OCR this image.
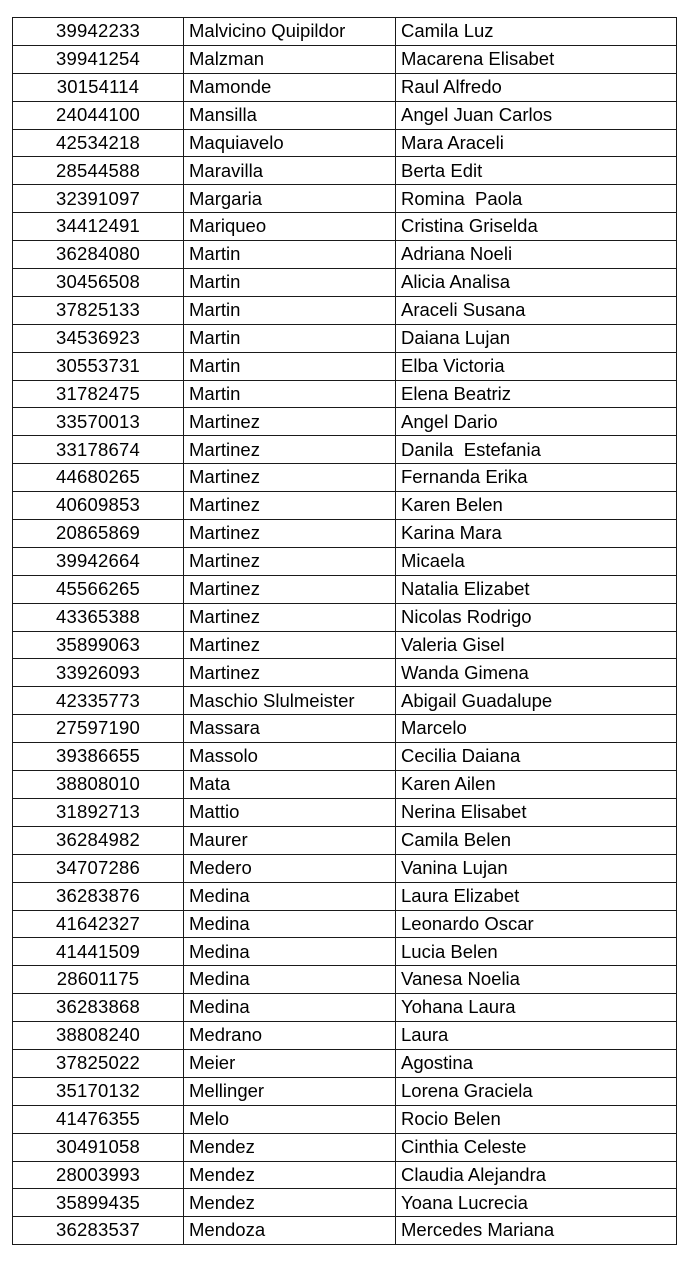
39942233	Malvicino Quipildor	Camila Luz
39941254	Malzman	Macarena Elisabet
30154114	Mamonde	Raul Alfredo
24044100	Mansilla	Angel Juan Carlos
42534218	Maquiavelo	Mara Araceli
28544588	Maravilla	Berta Edit
32391097	Margaria	Romina  Paola
34412491	Mariqueo	Cristina Griselda
36284080	Martin	Adriana Noeli
30456508	Martin	Alicia Analisa
37825133	Martin	Araceli Susana
34536923	Martin	Daiana Lujan
30553731	Martin	Elba Victoria
31782475	Martin	Elena Beatriz
33570013	Martinez	Angel Dario
33178674	Martinez	Danila  Estefania
44680265	Martinez	Fernanda Erika
40609853	Martinez	Karen Belen
20865869	Martinez	Karina Mara
39942664	Martinez	Micaela
45566265	Martinez	Natalia Elizabet
43365388	Martinez	Nicolas Rodrigo
35899063	Martinez	Valeria Gisel
33926093	Martinez	Wanda Gimena
42335773	Maschio Slulmeister	Abigail Guadalupe
27597190	Massara	Marcelo
39386655	Massolo	Cecilia Daiana
38808010	Mata	Karen Ailen
31892713	Mattio	Nerina Elisabet
36284982	Maurer	Camila Belen
34707286	Medero	Vanina Lujan
36283876	Medina	Laura Elizabet
41642327	Medina	Leonardo Oscar
41441509	Medina	Lucia Belen
28601175	Medina	Vanesa Noelia
36283868	Medina	Yohana Laura
38808240	Medrano	Laura
37825022	Meier	Agostina
35170132	Mellinger	Lorena Graciela
41476355	Melo	Rocio Belen
30491058	Mendez	Cinthia Celeste
28003993	Mendez	Claudia Alejandra
35899435	Mendez	Yoana Lucrecia
36283537	Mendoza	Mercedes Mariana
